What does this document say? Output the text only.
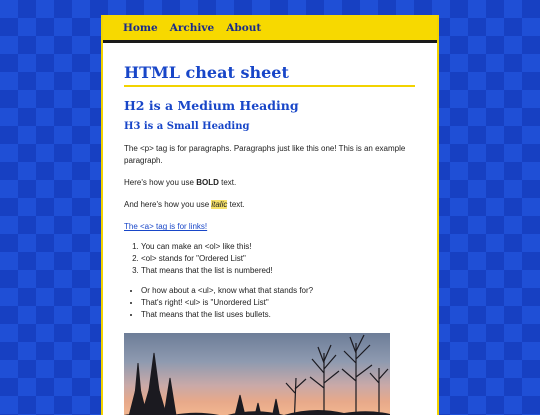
Home Archive About
HTML cheat sheet
H2 is a Medium Heading
H3 is a Small Heading

The <p> tag is for paragraphs. Paragraphs just like this one! This is an example paragraph.

Here's how you use BOLD text.

And here's how you use italic text.

The <a> tag is for links!

1. You can make an <ol> like this!
2. <ol> stands for "Ordered List"
3. That means that the list is numbered!
• Or how about a <ul>, know what that stands for?
• That's right! <ul> is "Unordered List"
• That means that the list uses bullets.
